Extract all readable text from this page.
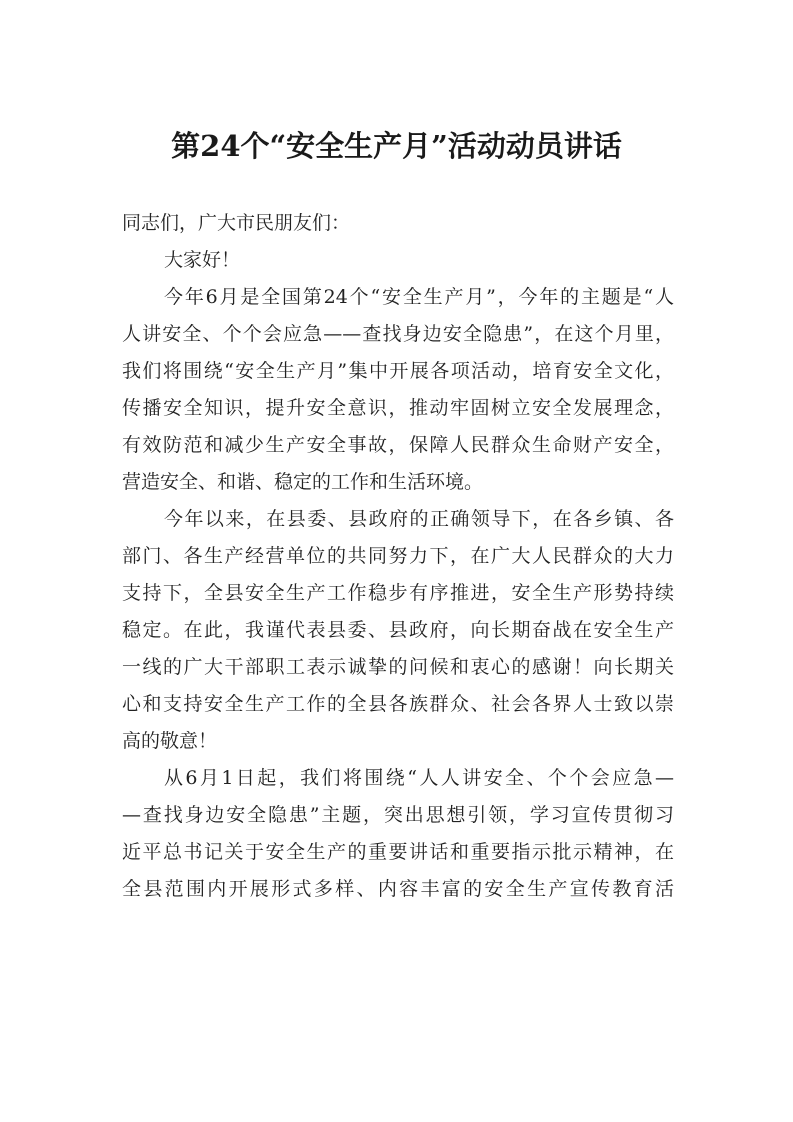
第24个“安全生产月”活动动员讲话
同志们，广大市民朋友们：
大家好！
今年6月是全国第24个“安全生产月”，今年的主题是“人
人讲安全、个个会应急——查找身边安全隐患”，在这个月里，
我们将围绕“安全生产月”集中开展各项活动，培育安全文化，
传播安全知识，提升安全意识，推动牢固树立安全发展理念，
有效防范和减少生产安全事故，保障人民群众生命财产安全，
营造安全、和谐、稳定的工作和生活环境。
今年以来，在县委、县政府的正确领导下，在各乡镇、各
部门、各生产经营单位的共同努力下，在广大人民群众的大力
支持下，全县安全生产工作稳步有序推进，安全生产形势持续
稳定。在此，我谨代表县委、县政府，向长期奋战在安全生产
一线的广大干部职工表示诚挚的问候和衷心的感谢！向长期关
心和支持安全生产工作的全县各族群众、社会各界人士致以崇
高的敬意！
从6月1日起，我们将围绕“人人讲安全、个个会应急—
—查找身边安全隐患”主题，突出思想引领，学习宣传贯彻习
近平总书记关于安全生产的重要讲话和重要指示批示精神，在
全县范围内开展形式多样、内容丰富的安全生产宣传教育活
